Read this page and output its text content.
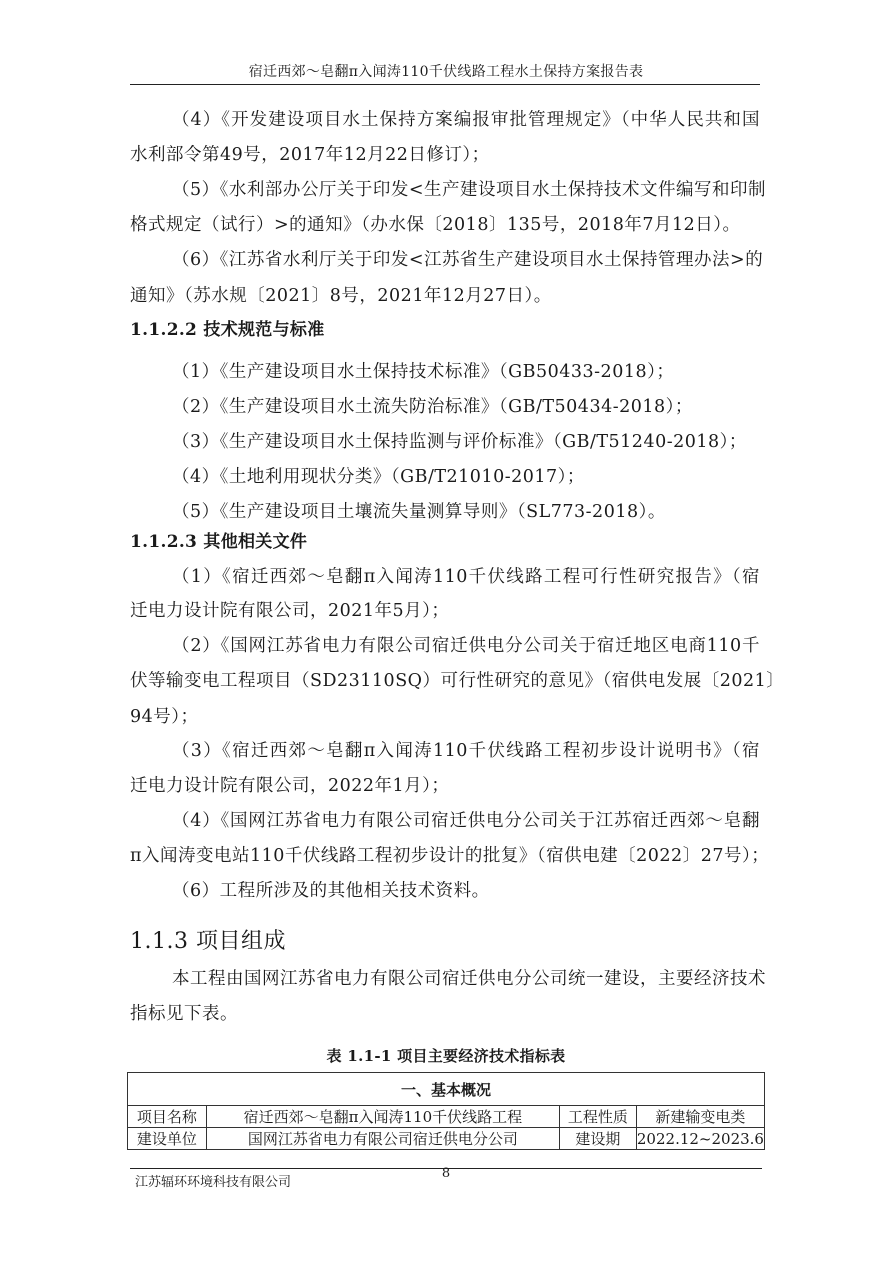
宿迁西郊～皂翻π入闻涛110千伏线路工程水土保持方案报告表
（4）《开发建设项目水土保持方案编报审批管理规定》（中华人民共和国
水利部令第49号，2017年12月22日修订）；
（5）《水利部办公厅关于印发<生产建设项目水土保持技术文件编写和印制
格式规定（试行）>的通知》（办水保〔2018〕135号，2018年7月12日）。
（6）《江苏省水利厅关于印发<江苏省生产建设项目水土保持管理办法>的
通知》（苏水规〔2021〕8号，2021年12月27日）。
1.1.2.2 技术规范与标准
（1）《生产建设项目水土保持技术标准》（GB50433-2018）；
（2）《生产建设项目水土流失防治标准》（GB/T50434-2018）；
（3）《生产建设项目水土保持监测与评价标准》（GB/T51240-2018）；
（4）《土地利用现状分类》（GB/T21010-2017）；
（5）《生产建设项目土壤流失量测算导则》（SL773-2018）。
1.1.2.3 其他相关文件
（1）《宿迁西郊～皂翻π入闻涛110千伏线路工程可行性研究报告》（宿
迁电力设计院有限公司，2021年5月）；
（2）《国网江苏省电力有限公司宿迁供电分公司关于宿迁地区电商110千
伏等输变电工程项目（SD23110SQ）可行性研究的意见》（宿供电发展〔2021〕
94号）；
（3）《宿迁西郊～皂翻π入闻涛110千伏线路工程初步设计说明书》（宿
迁电力设计院有限公司，2022年1月）；
（4）《国网江苏省电力有限公司宿迁供电分公司关于江苏宿迁西郊～皂翻
π入闻涛变电站110千伏线路工程初步设计的批复》（宿供电建〔2022〕27号）；
（6）工程所涉及的其他相关技术资料。
1.1.3 项目组成
本工程由国网江苏省电力有限公司宿迁供电分公司统一建设，主要经济技术
指标见下表。
表 1.1-1 项目主要经济技术指标表
一、基本概况			
项目名称	宿迁西郊～皂翻π入闻涛110千伏线路工程	工程性质	新建输变电类
建设单位	国网江苏省电力有限公司宿迁供电分公司	建设期	2022.12~2023.6
8
江苏辐环环境科技有限公司
